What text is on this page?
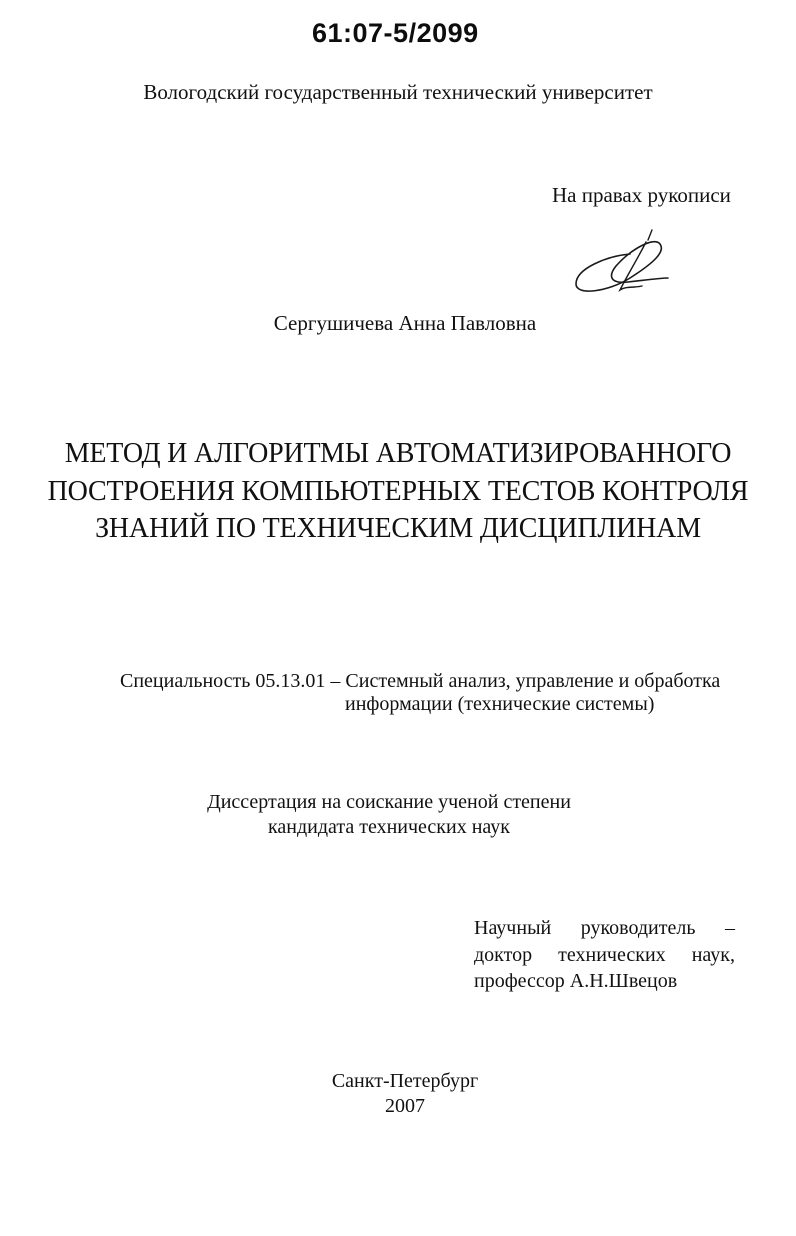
61:07-5/2099
Вологодский государственный технический университет
На правах рукописи
Сергушичева Анна Павловна
МЕТОД И АЛГОРИТМЫ АВТОМАТИЗИРОВАННОГО
ПОСТРОЕНИЯ КОМПЬЮТЕРНЫХ ТЕСТОВ КОНТРОЛЯ
ЗНАНИЙ ПО ТЕХНИЧЕСКИМ ДИСЦИПЛИНАМ
Специальность 05.13.01 – Системный анализ, управление и обработка
информации (технические системы)
Диссертация на соискание ученой степени
кандидата технических наук
Научный руководитель –
доктор технических наук,
профессор А.Н.Швецов
Санкт-Петербург
2007
